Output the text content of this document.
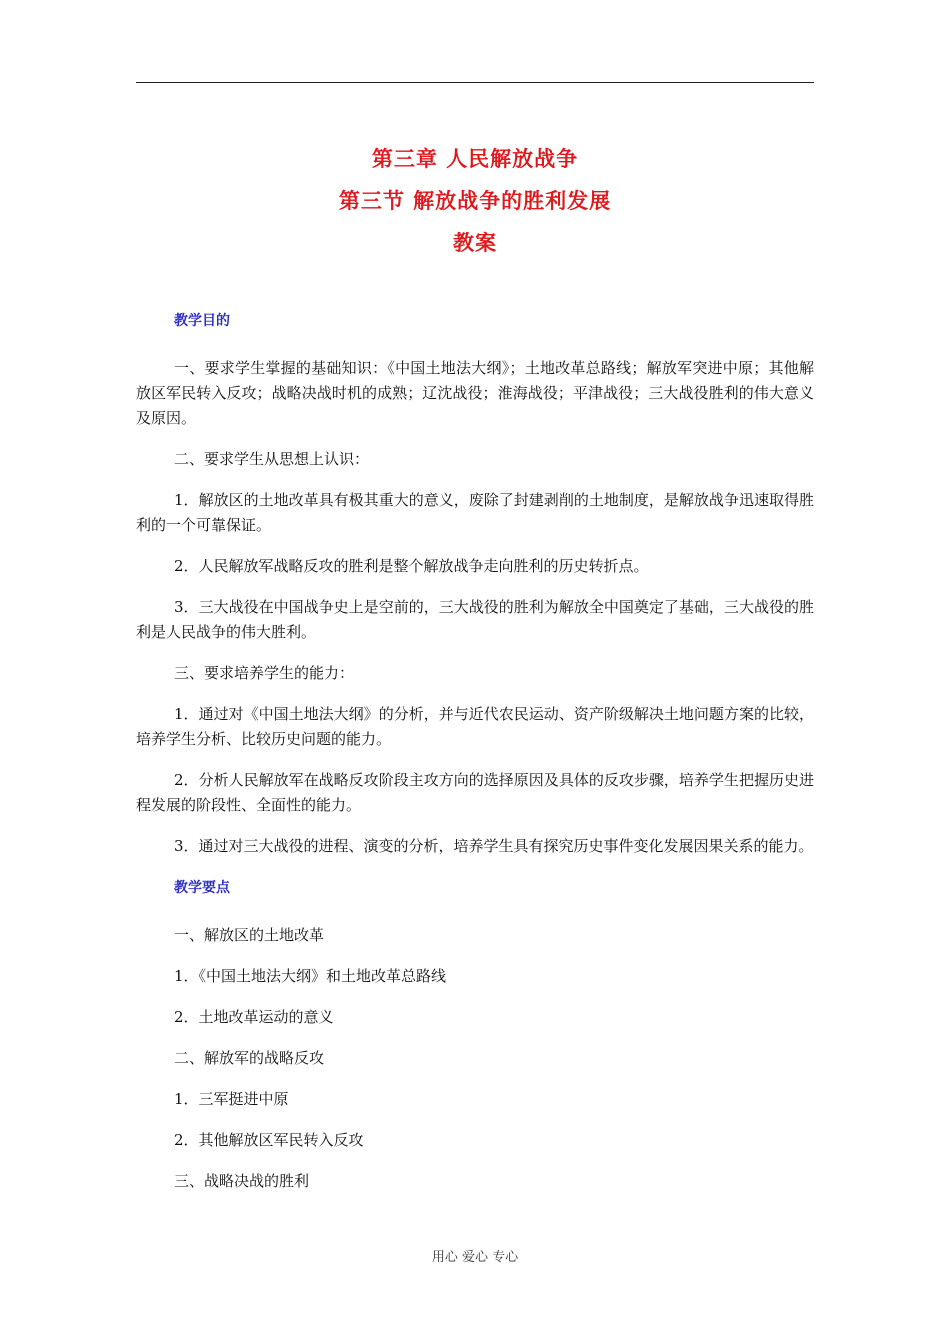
第三章 人民解放战争
第三节 解放战争的胜利发展
教案
教学目的

一、要求学生掌握的基础知识：《中国土地法大纲》；土地改革总路线；解放军突进中原；其他解放区军民转入反攻；战略决战时机的成熟；辽沈战役；淮海战役；平津战役；三大战役胜利的伟大意义及原因。

二、要求学生从思想上认识：

1．解放区的土地改革具有极其重大的意义，废除了封建剥削的土地制度，是解放战争迅速取得胜利的一个可靠保证。

2．人民解放军战略反攻的胜利是整个解放战争走向胜利的历史转折点。

3．三大战役在中国战争史上是空前的，三大战役的胜利为解放全中国奠定了基础，三大战役的胜利是人民战争的伟大胜利。

三、要求培养学生的能力：

1．通过对《中国土地法大纲》的分析，并与近代农民运动、资产阶级解决土地问题方案的比较，培养学生分析、比较历史问题的能力。

2．分析人民解放军在战略反攻阶段主攻方向的选择原因及具体的反攻步骤，培养学生把握历史进程发展的阶段性、全面性的能力。

3．通过对三大战役的进程、演变的分析，培养学生具有探究历史事件变化发展因果关系的能力。

教学要点

一、解放区的土地改革

1．《中国土地法大纲》和土地改革总路线

2．土地改革运动的意义

二、解放军的战略反攻

1．三军挺进中原

2．其他解放区军民转入反攻

三、战略决战的胜利

用心 爱心 专心
